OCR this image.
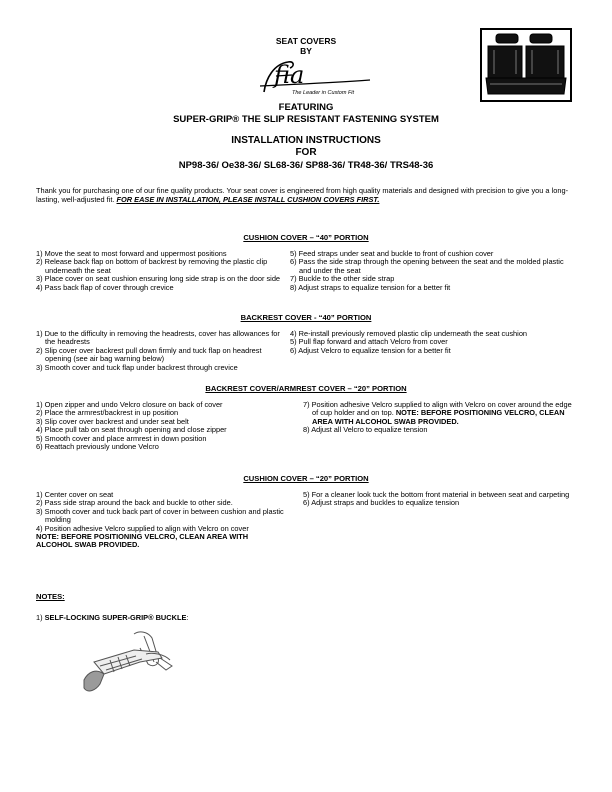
SEAT COVERS
BY
fia
The Leader in Custom Fit
FEATURING
SUPER-GRIP® THE SLIP RESISTANT FASTENING SYSTEM
INSTALLATION INSTRUCTIONS
FOR
NP98-36/ Oe38-36/ SL68-36/ SP88-36/ TR48-36/ TRS48-36
Thank you for purchasing one of our fine quality products. Your seat cover is engineered from high quality materials and designed with precision to give you a long-lasting, well-adjusted fit. FOR EASE IN INSTALLATION, PLEASE INSTALL CUSHION COVERS FIRST.
CUSHION COVER – “40” PORTION

1) Move the seat to most forward and uppermost positions

2) Release back flap on bottom of backrest by removing the plastic clip underneath the seat

3) Place cover on seat cushion ensuring long side strap is on the door side

4) Pass back flap of cover through crevice

5) Feed straps under seat and buckle to front of cushion cover

6) Pass the side strap through the opening between the seat and the molded plastic and under the seat

7) Buckle to the other side strap

8) Adjust straps to equalize tension for a better fit

BACKREST COVER - “40” PORTION

1) Due to the difficulty in removing the headrests, cover has allowances for the headrests

2) Slip cover over backrest pull down firmly and tuck flap on headrest opening (see air bag warning below)

3) Smooth cover and tuck flap under backrest through crevice

4) Re-install previously removed plastic clip underneath the seat cushion

5) Pull flap forward and attach Velcro from cover

6) Adjust Velcro to equalize tension for a better fit

BACKREST COVER/ARMREST COVER – “20” PORTION

1) Open zipper and undo Velcro closure on back of cover

2) Place the armrest/backrest in up position

3) Slip cover over backrest and under seat belt

4) Place pull tab on seat through opening and close zipper

5) Smooth cover and place armrest in down position

6) Reattach previously undone Velcro

7) Position adhesive Velcro supplied to align with Velcro on cover around the edge of cup holder and on top. NOTE: BEFORE POSITIONING VELCRO, CLEAN AREA WITH ALCOHOL SWAB PROVIDED.

8) Adjust all Velcro to equalize tension

CUSHION COVER – “20” PORTION

1) Center cover on seat

2) Pass side strap around the back and buckle to other side.

3) Smooth cover and tuck back part of cover in between cushion and plastic molding

4) Position adhesive Velcro supplied to align with Velcro on cover

NOTE: BEFORE POSITIONING VELCRO, CLEAN AREA WITH ALCOHOL SWAB PROVIDED.

5) For a cleaner look tuck the bottom front material in between seat and carpeting

6) Adjust straps and buckles to equalize tension

NOTES:
1) SELF-LOCKING SUPER-GRIP® BUCKLE:
